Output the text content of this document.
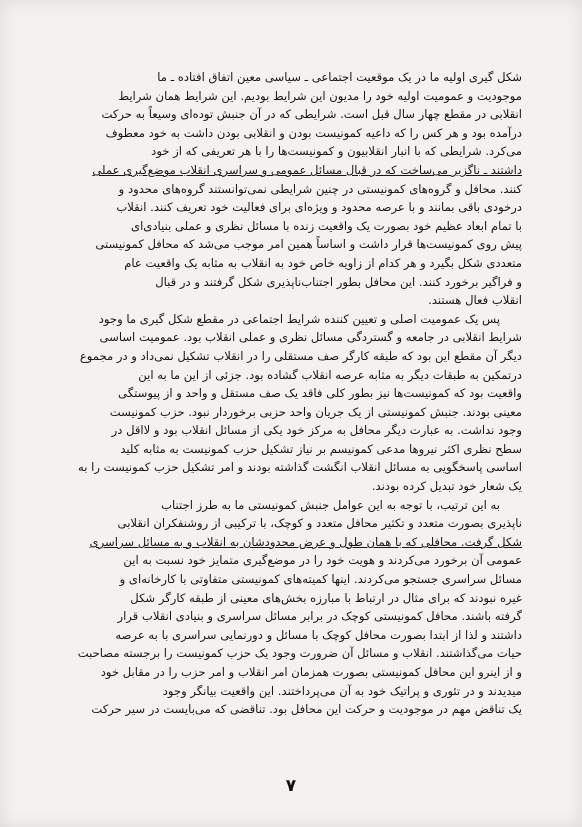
شکل گیری اولیه ما در یک موقعیت اجتماعی ـ سیاسی معین اتفاق افتاده ـ ما
موجودیت و عمومیت اولیه خود را مدیون این شرایط بودیم. این شرایط همان شرایط
انقلابی در مقطع چهار سال قبل است. شرایطی که در آن جنبش توده‌ای وسیعاً به حرکت
درآمده بود و هر کس را که داعیه کمونیست بودن و انقلابی بودن داشت به خود معطوف
می‌کرد. شرایطی که با انبار انقلابیون و کمونیست‌ها را با هر تعریفی که از خود
داشتند ـ ناگزیر می‌ساخت که در قبال مسائل عمومی و سراسری انقلاب موضع‌گیری عملی
کنند. محافل و گروه‌های کمونیستی در چنین شرایطی نمی‌توانستند گروه‌های محدود و
درخودی باقی بمانند و با عرصه محدود و ویژه‌ای برای فعالیت خود تعریف کنند. انقلاب
با تمام ابعاد عظیم خود بصورت یک واقعیت زنده با مسائل نظری و عملی بنیادی‌ای
پیش روی کمونیست‌ها قرار داشت و اساساً همین امر موجب می‌شد که محافل کمونیستی
متعددی شکل بگیرد و هر کدام از زاویه خاص خود به انقلاب به مثابه یک واقعیت عام
و فراگیر برخورد کنند. این محافل بطور اجتناب‌ناپذیری شکل گرفتند و در قبال
انقلاب فعال هستند.
پس یک عمومیت اصلی و تعیین کننده شرایط اجتماعی در مقطع شکل گیری ما وجود
شرایط انقلابی در جامعه و گستردگی مسائل نظری و عملی انقلاب بود. عمومیت اساسی
دیگر آن مقطع این بود که طبقه کارگر صف مستقلی را در انقلاب تشکیل نمی‌داد و در مجموع
درتمکین به طبقات دیگر به مثابه عرصه انقلاب گشاده بود. جزئی از این ما به این
واقعیت بود که کمونیست‌ها نیز بطور کلی فاقد یک صف مستقل و واحد و از پیوستگی
معینی بودند. جنبش کمونیستی از یک جریان واحد حزبی برخوردار نبود. حزب کمونیست
وجود نداشت. به عبارت دیگر محافل به مرکز خود یکی از مسائل انقلاب بود و لااقل در
سطح نظری اکثر نیروها مدعی کمونیسم بر نیاز تشکیل حزب کمونیست به مثابه کلید
اساسی پاسخگویی به مسائل انقلاب انگشت گذاشته بودند و امر تشکیل حزب کمونیست را به
یک شعار خود تبدیل کرده بودند.
به این ترتیب، با توجه به این عوامل جنبش کمونیستی ما به طرز اجتناب‌
ناپذیری بصورت متعدد و تکثیر محافل متعدد و کوچک، با ترکیبی از روشنفکران انقلابی
شکل گرفت. محافلی که با همان طول و عرض محدودشان به انقلاب و به مسائل سراسری
عمومی آن برخورد می‌کردند و هویت خود را در موضع‌گیری متمایز خود نسبت به این
مسائل سراسری جستجو می‌کردند. اینها کمیته‌های کمونیستی متفاوتی با کارخانه‌ای و
غیره نبودند که برای مثال در ارتباط با مبارزه بخش‌های معینی از طبقه کارگر شکل
گرفته باشند. محافل کمونیستی کوچک در برابر مسائل سراسری و بنیادی انقلاب قرار
داشتند و لذا از ابتدا بصورت محافل کوچک با مسائل و دورنمایی سراسری با به عرصه
حیات می‌گذاشتند. انقلاب و مسائل آن ضرورت وجود یک حزب کمونیست را برجسته مصاحبت
و از اینرو این محافل کمونیستی بصورت همزمان امر انقلاب و امر حزب را در مقابل خود
میدیدند و در تئوری و پراتیک خود به آن می‌پرداختند. این واقعیت بیانگر وجود
یک تناقض مهم در موجودیت و حرکت این محافل بود. تناقضی که می‌بایست در سیر حرکت
۷
